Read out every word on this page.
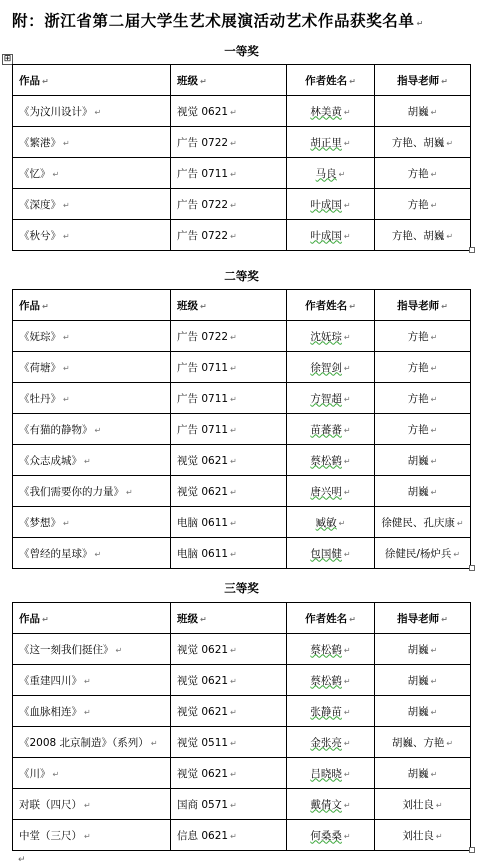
附：浙江省第二届大学生艺术展演活动艺术作品获奖名单 ↵
⊞
一等奖
作品 ↵	班级 ↵	作者姓名 ↵	指导老师 ↵
《为汶川设计》 ↵	视觉 0621 ↵	林美黄 ↵	胡巍 ↵
《繁港》 ↵	广告 0722 ↵	胡正里 ↵	方艳、胡巍 ↵
《忆》 ↵	广告 0711 ↵	马良 ↵	方艳 ↵
《深度》 ↵	广告 0722 ↵	叶成国 ↵	方艳 ↵
《秋兮》 ↵	广告 0722 ↵	叶成国 ↵	方艳、胡巍 ↵
二等奖
作品 ↵	班级 ↵	作者姓名 ↵	指导老师 ↵
《妩琮》 ↵	广告 0722 ↵	沈妩琮 ↵	方艳 ↵
《荷塘》 ↵	广告 0711 ↵	徐智剑 ↵	方艳 ↵
《牡丹》 ↵	广告 0711 ↵	方智超 ↵	方艳 ↵
《有猫的静物》 ↵	广告 0711 ↵	苗蕃蕃 ↵	方艳 ↵
《众志成城》 ↵	视觉 0621 ↵	蔡松鹤 ↵	胡巍 ↵
《我们需要你的力量》 ↵	视觉 0621 ↵	唐兴明 ↵	胡巍 ↵
《梦想》 ↵	电脑 0611 ↵	臧敏 ↵	徐健民、孔庆康 ↵
《曾经的星球》 ↵	电脑 0611 ↵	包国健 ↵	徐健民/杨炉兵 ↵
三等奖
作品 ↵	班级 ↵	作者姓名 ↵	指导老师 ↵
《这一刻我们挺住》 ↵	视觉 0621 ↵	蔡松鹤 ↵	胡巍 ↵
《重建四川》 ↵	视觉 0621 ↵	蔡松鹤 ↵	胡巍 ↵
《血脉相连》 ↵	视觉 0621 ↵	张静苗 ↵	胡巍 ↵
《2008 北京制造》（系列） ↵	视觉 0511 ↵	金张亮 ↵	胡巍、方艳 ↵
《川》 ↵	视觉 0621 ↵	吕晓晓 ↵	胡巍 ↵
对联（四尺） ↵	国商 0571 ↵	戴倩文 ↵	刘壮良 ↵
中堂（三尺） ↵	信息 0621 ↵	何桑桑 ↵	刘壮良 ↵
↵
